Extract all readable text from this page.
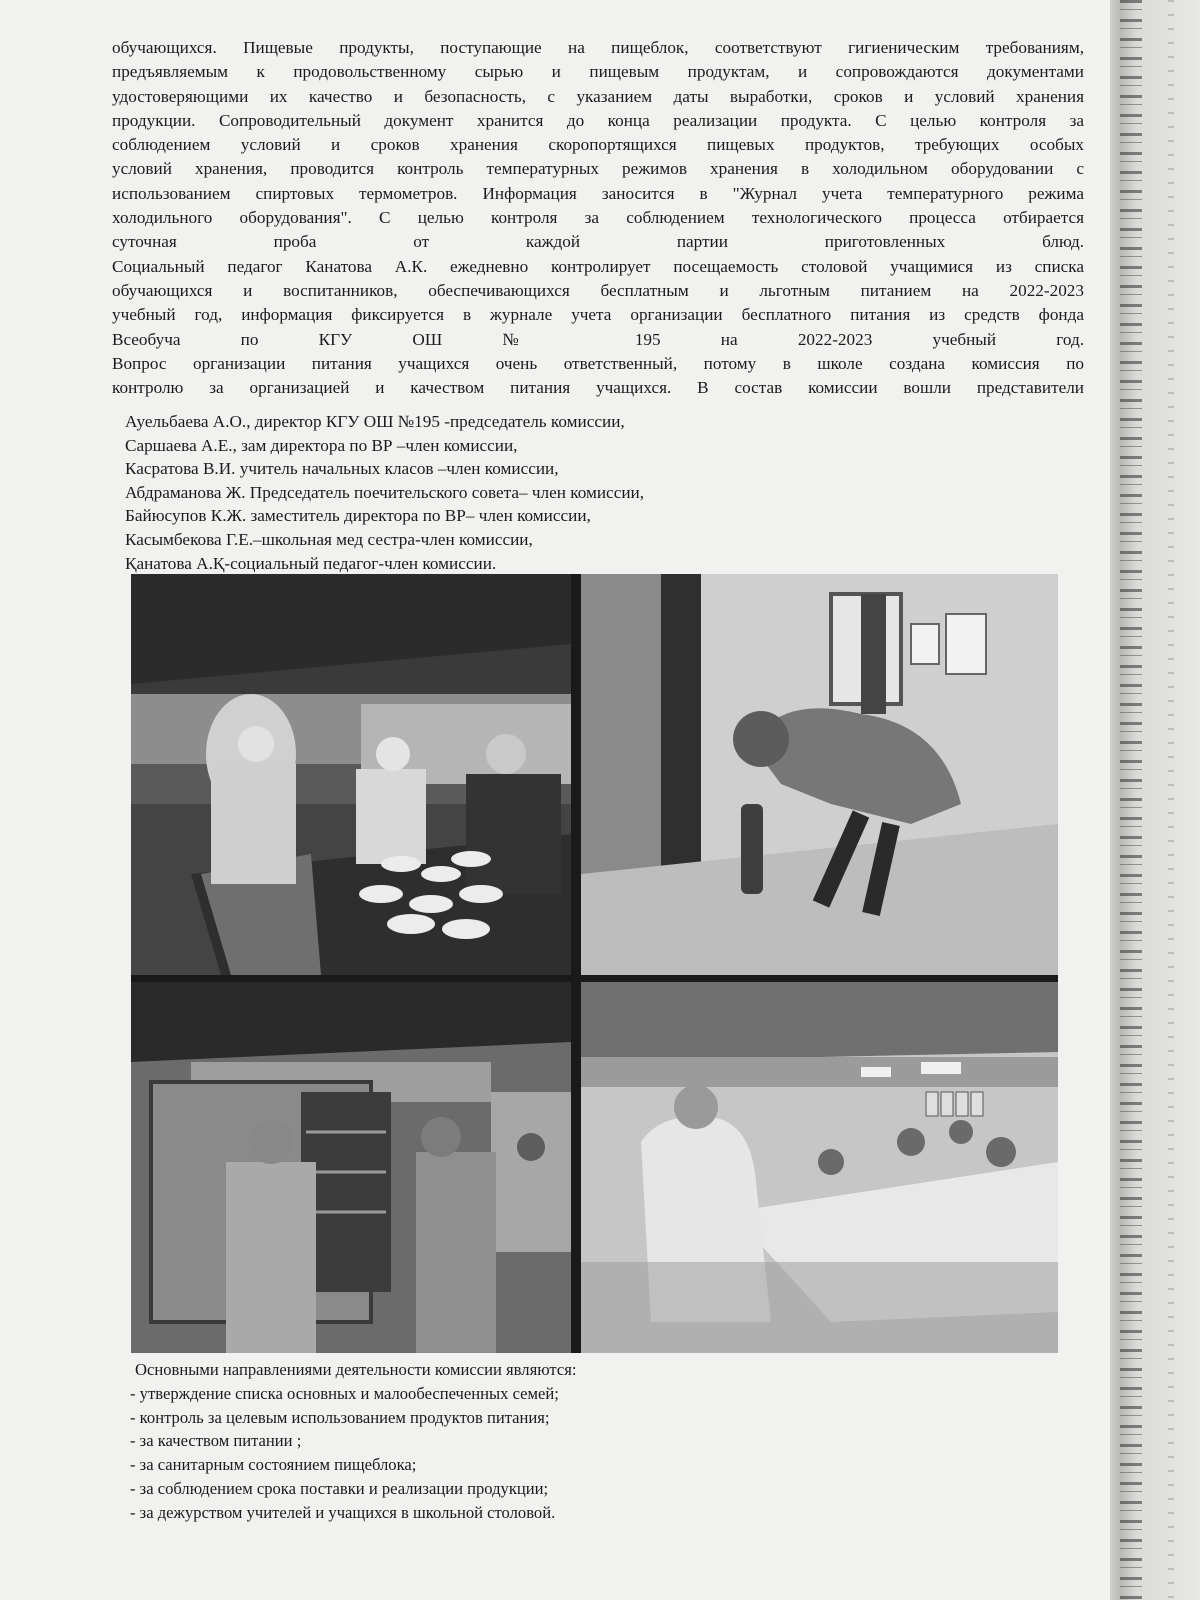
обучающихся. Пищевые продукты, поступающие на пищеблок, соответствуют гигиеническим требованиям,

предъявляемым к продовольственному сырью и пищевым продуктам, и сопровождаются документами

удостоверяющими их качество и безопасность, с указанием даты выработки, сроков и условий хранения

продукции. Сопроводительный документ хранится до конца реализации продукта. С целью контроля за

соблюдением условий и сроков хранения скоропортящихся пищевых продуктов, требующих особых

условий хранения, проводится контроль температурных режимов хранения в холодильном оборудовании с

использованием спиртовых термометров. Информация заносится в "Журнал учета температурного режима

холодильного оборудования". С целью контроля за соблюдением технологического процесса отбирается

суточная проба от каждой партии приготовленных блюд.

Социальный педагог Канатова А.К. ежедневно контролирует посещаемость столовой учащимися из списка

обучающихся и воспитанников, обеспечивающихся бесплатным и льготным питанием на 2022-2023

учебный год, информация фиксируется в журнале учета организации бесплатного питания из средств фонда

Всеобуча по КГУ ОШ № 195 на 2022-2023 учебный год.

Вопрос организации питания учащихся очень ответственный, потому в школе создана комиссия по

контролю за организацией и качеством питания учащихся. В состав комиссии вошли представители

Ауельбаева А.О., директор КГУ ОШ №195 -председатель комиссии,

Саршаева А.Е., зам директора по ВР –член комиссии,

Касратова В.И. учитель начальных класов –член комиссии,

Абдраманова Ж. Председатель поечительского совета– член комиссии,

Байюсупов К.Ж. заместитель директора по ВР– член комиссии,

Касымбекова Г.Е.–школьная мед сестра-член комиссии,

Қанатова А.Қ-социальный педагог-член комиссии.

Основными направлениями деятельности комиссии являются:

- утверждение списка основных и малообеспеченных семей;

- контроль за целевым использованием продуктов питания;

- за качеством питании ;

- за санитарным состоянием пищеблока;

- за соблюдением срока поставки и реализации продукции;

- за дежурством учителей и учащихся в школьной столовой.
